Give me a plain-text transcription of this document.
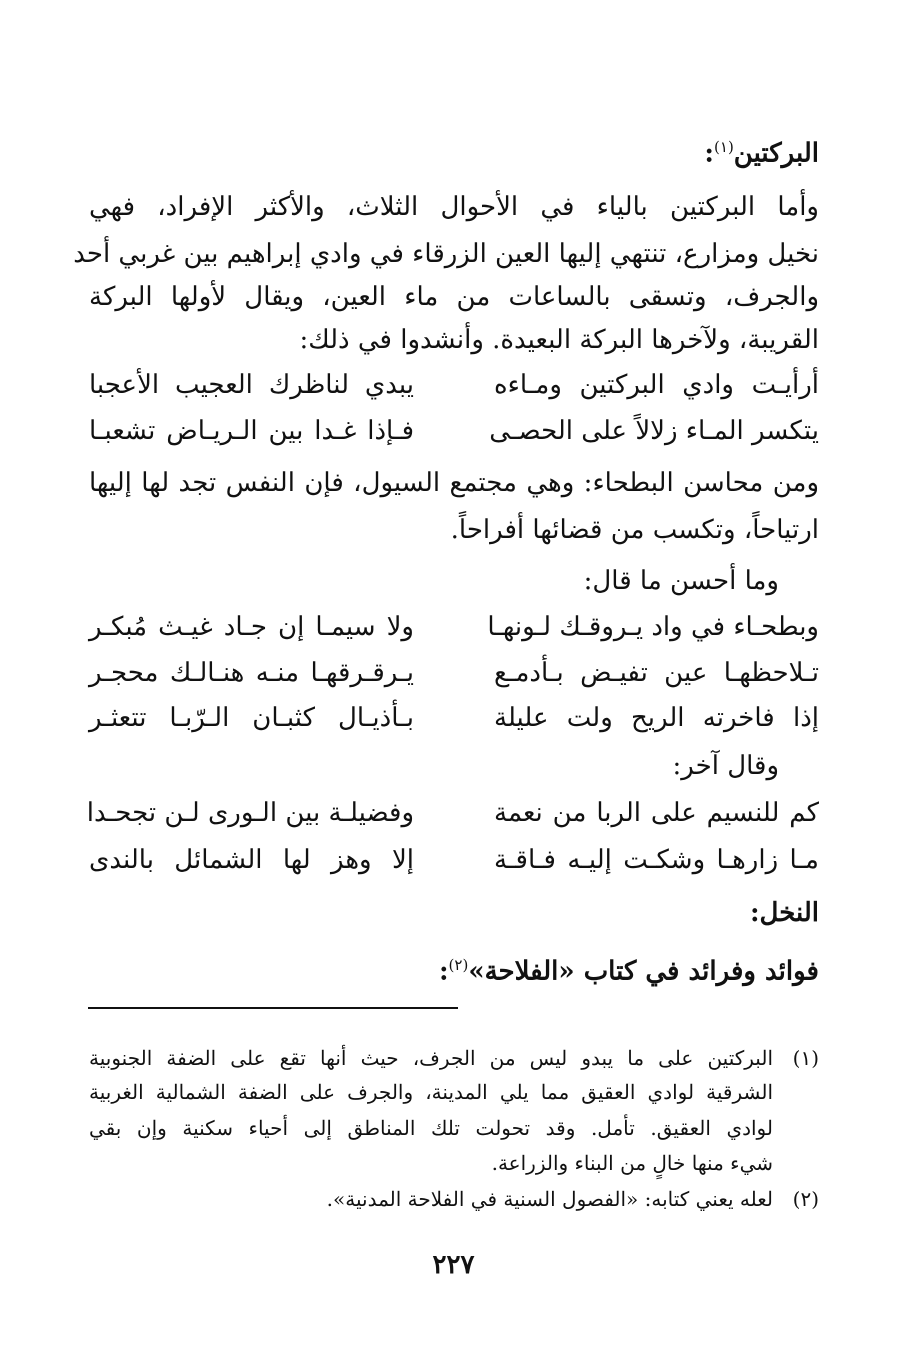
البركتين$^{(١)}$:
وأما البركتين بالياء في الأحوال الثلاث، والأكثر الإفراد، فهي
نخيل ومزارع، تنتهي إليها العين الزرقاء في وادي إبراهيم بين غربي أحد
والجرف، وتسقى بالساعات من ماء العين، ويقال لأولها البركة
القريبة، ولآخرها البركة البعيدة. وأنشدوا في ذلك:
أرأيـت وادي البركتين ومـاءه
يبدي لناظرك العجيب الأعجبا
يتكسر المـاء زلالاً على الحصـى
فـإذا غـدا بين الـريـاض تشعبـا
ومن محاسن البطحاء: وهي مجتمع السيول، فإن النفس تجد لها إليها
ارتياحاً، وتكسب من قضائها أفراحاً.
وما أحسن ما قال:
وبطحـاء في واد يـروقـك لـونهـا
ولا سيمـا إن جـاد غيـث مُبكـر
تـلاحظهـا عين تفيـض بـأدمـع
يـرقـرقهـا منـه هنـالـك محجـر
إذا فاخرته الريح ولت عليلة
بـأذيـال كثبـان الـرّبـا تتعثـر
وقال آخر:
كم للنسيم على الربا من نعمة
وفضيلـة بين الـورى لـن تجحـدا
مـا زارهـا وشكـت إليـه فـاقـة
إلا وهز لها الشمائل بالندى
النخل:
فوائد وفرائد في كتاب «الفلاحة»$^{(٢)}$:
(١)
البركتين على ما يبدو ليس من الجرف، حيث أنها تقع على الضفة الجنوبية
الشرقية لوادي العقيق مما يلي المدينة، والجرف على الضفة الشمالية الغربية
لوادي العقيق. تأمل. وقد تحولت تلك المناطق إلى أحياء سكنية وإن بقي
شيء منها خالٍ من البناء والزراعة.
(٢)
لعله يعني كتابه: «الفصول السنية في الفلاحة المدنية».
٢٢٧
